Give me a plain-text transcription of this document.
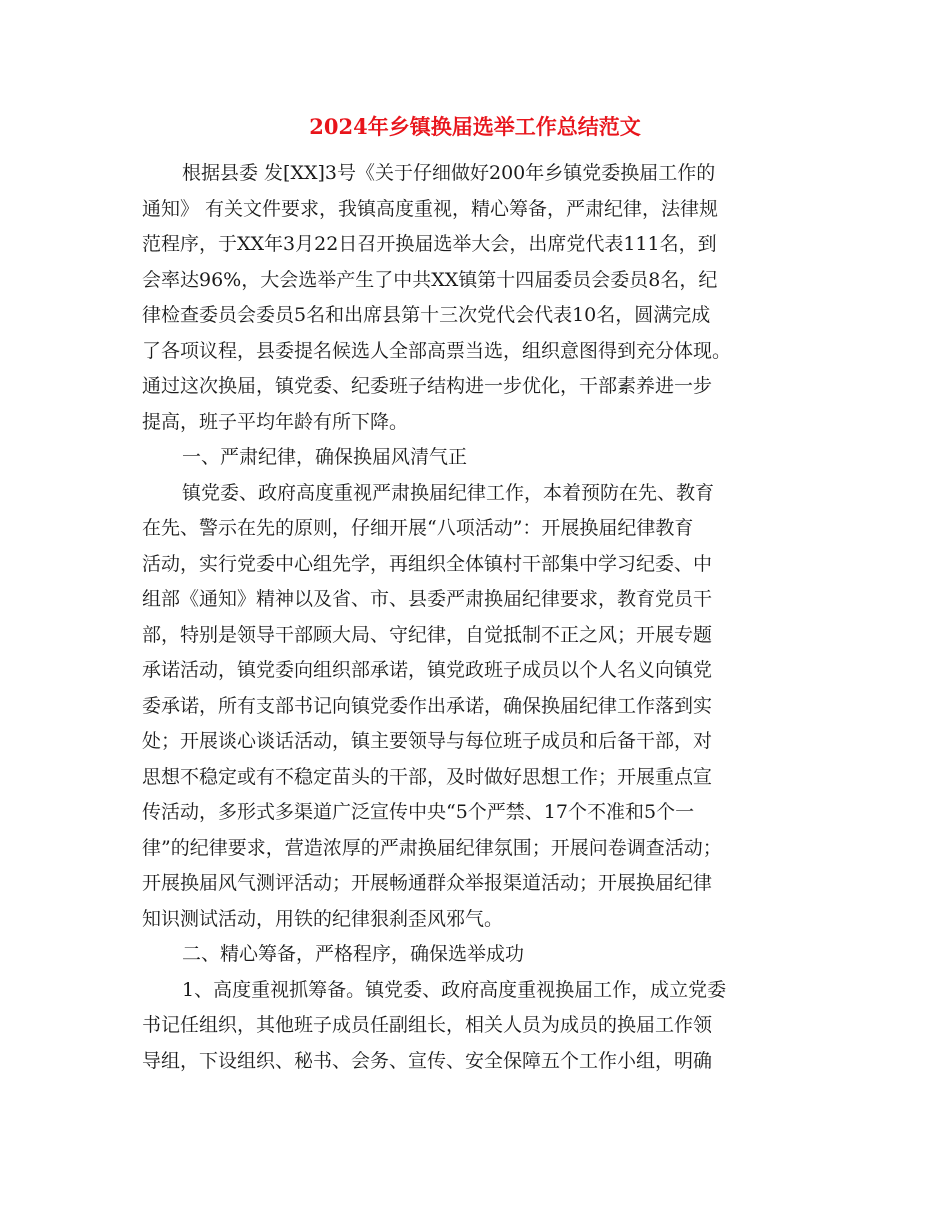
2024年乡镇换届选举工作总结范文
根据县委 发[XX]3号《关于仔细做好200年乡镇党委换届工作的
通知》 有关文件要求，我镇高度重视，精心筹备，严肃纪律，法律规
范程序，于XX年3月22日召开换届选举大会，出席党代表111名，到
会率达96%，大会选举产生了中共XX镇第十四届委员会委员8名，纪
律检查委员会委员5名和出席县第十三次党代会代表10名，圆满完成
了各项议程，县委提名候选人全部高票当选，组织意图得到充分体现。
通过这次换届，镇党委、纪委班子结构进一步优化，干部素养进一步
提高，班子平均年龄有所下降。
一、严肃纪律，确保换届风清气正
镇党委、政府高度重视严肃换届纪律工作，本着预防在先、教育
在先、警示在先的原则，仔细开展“八项活动”：开展换届纪律教育
活动，实行党委中心组先学，再组织全体镇村干部集中学习纪委、中
组部《通知》精神以及省、市、县委严肃换届纪律要求，教育党员干
部，特别是领导干部顾大局、守纪律，自觉抵制不正之风；开展专题
承诺活动，镇党委向组织部承诺，镇党政班子成员以个人名义向镇党
委承诺，所有支部书记向镇党委作出承诺，确保换届纪律工作落到实
处；开展谈心谈话活动，镇主要领导与每位班子成员和后备干部，对
思想不稳定或有不稳定苗头的干部，及时做好思想工作；开展重点宣
传活动，多形式多渠道广泛宣传中央“5个严禁、17个不准和5个一
律”的纪律要求，营造浓厚的严肃换届纪律氛围；开展问卷调查活动；
开展换届风气测评活动；开展畅通群众举报渠道活动；开展换届纪律
知识测试活动，用铁的纪律狠刹歪风邪气。
二、精心筹备，严格程序，确保选举成功
1、高度重视抓筹备。镇党委、政府高度重视换届工作，成立党委
书记任组织，其他班子成员任副组长，相关人员为成员的换届工作领
导组，下设组织、秘书、会务、宣传、安全保障五个工作小组，明确
